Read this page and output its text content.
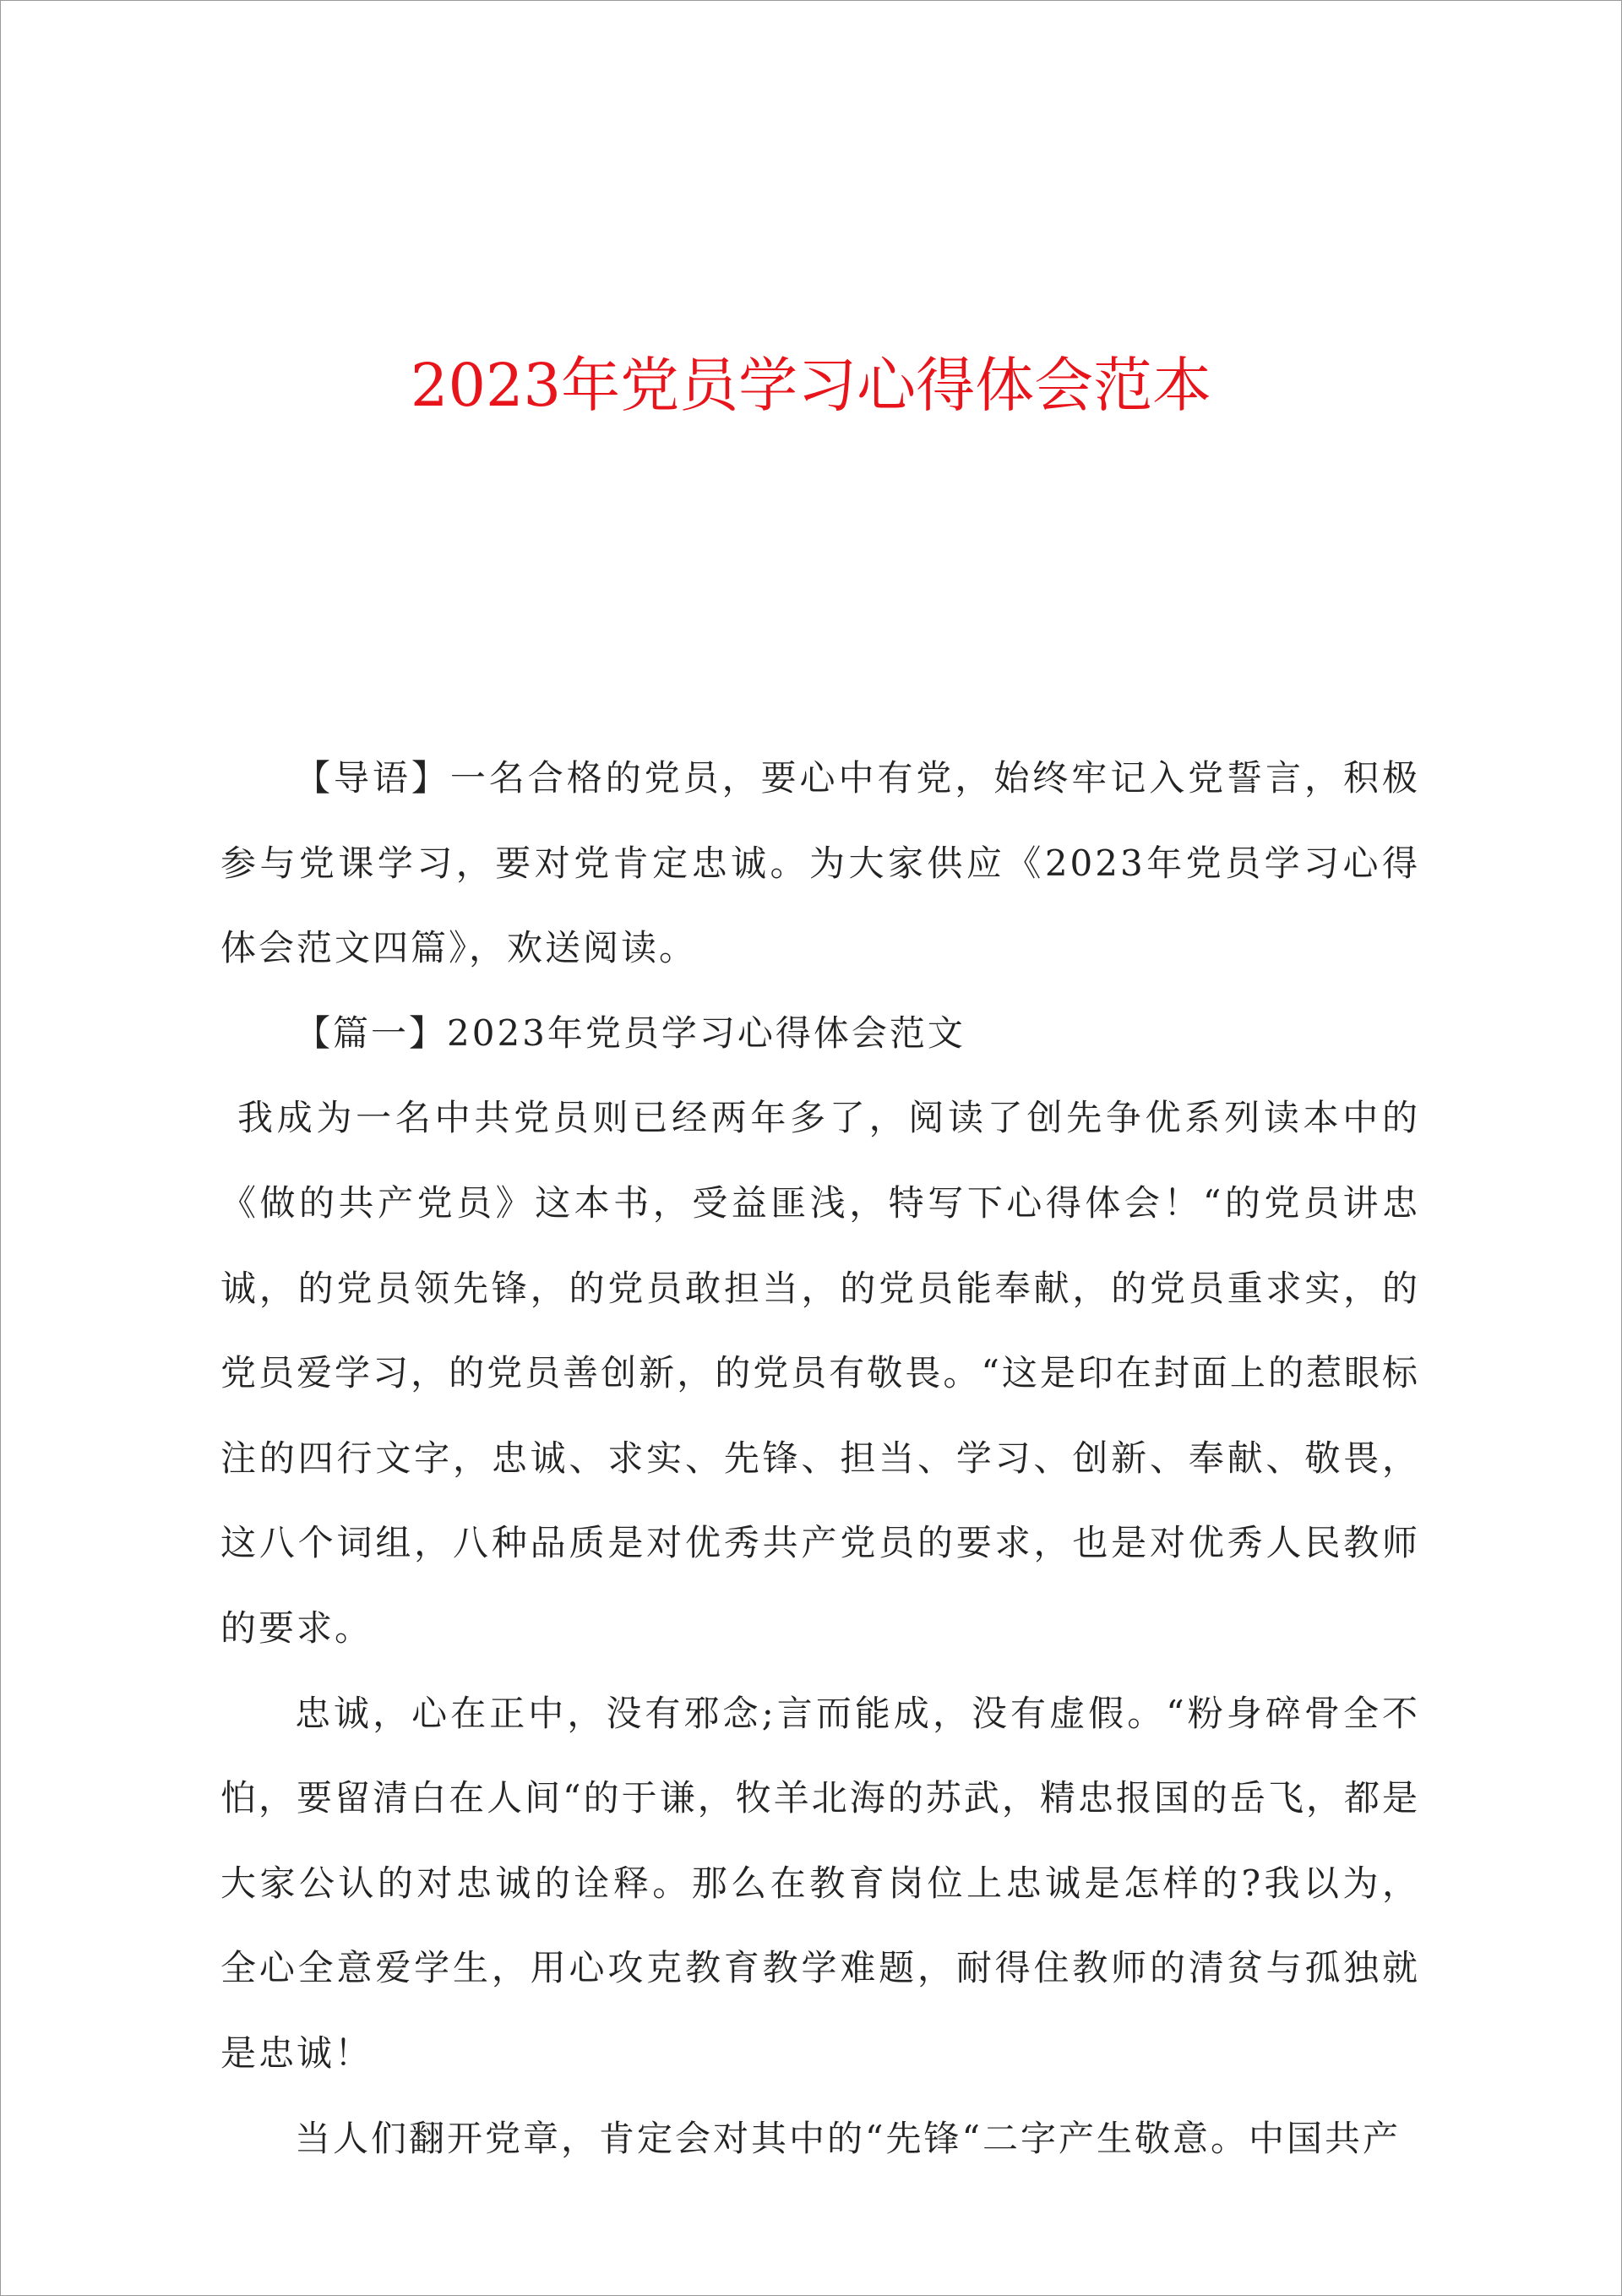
2023年党员学习心得体会范本

【导语】一名合格的党员，要心中有党，始终牢记入党誓言，积极参与党课学习，要对党肯定忠诚。为大家供应《2023年党员学习心得体会范文四篇》，欢送阅读。

【篇一】2023年党员学习心得体会范文

我成为一名中共党员则已经两年多了，阅读了创先争优系列读本中的《做的共产党员》这本书，受益匪浅，特写下心得体会！“的党员讲忠诚，的党员领先锋，的党员敢担当，的党员能奉献，的党员重求实，的党员爱学习，的党员善创新，的党员有敬畏。“这是印在封面上的惹眼标注的四行文字，忠诚、求实、先锋、担当、学习、创新、奉献、敬畏，这八个词组，八种品质是对优秀共产党员的要求，也是对优秀人民教师的要求。

忠诚，心在正中，没有邪念;言而能成，没有虚假。“粉身碎骨全不怕，要留清白在人间“的于谦，牧羊北海的苏武，精忠报国的岳飞，都是大家公认的对忠诚的诠释。那么在教育岗位上忠诚是怎样的?我以为，全心全意爱学生，用心攻克教育教学难题，耐得住教师的清贫与孤独就是忠诚！

当人们翻开党章，肯定会对其中的“先锋“二字产生敬意。中国共产
